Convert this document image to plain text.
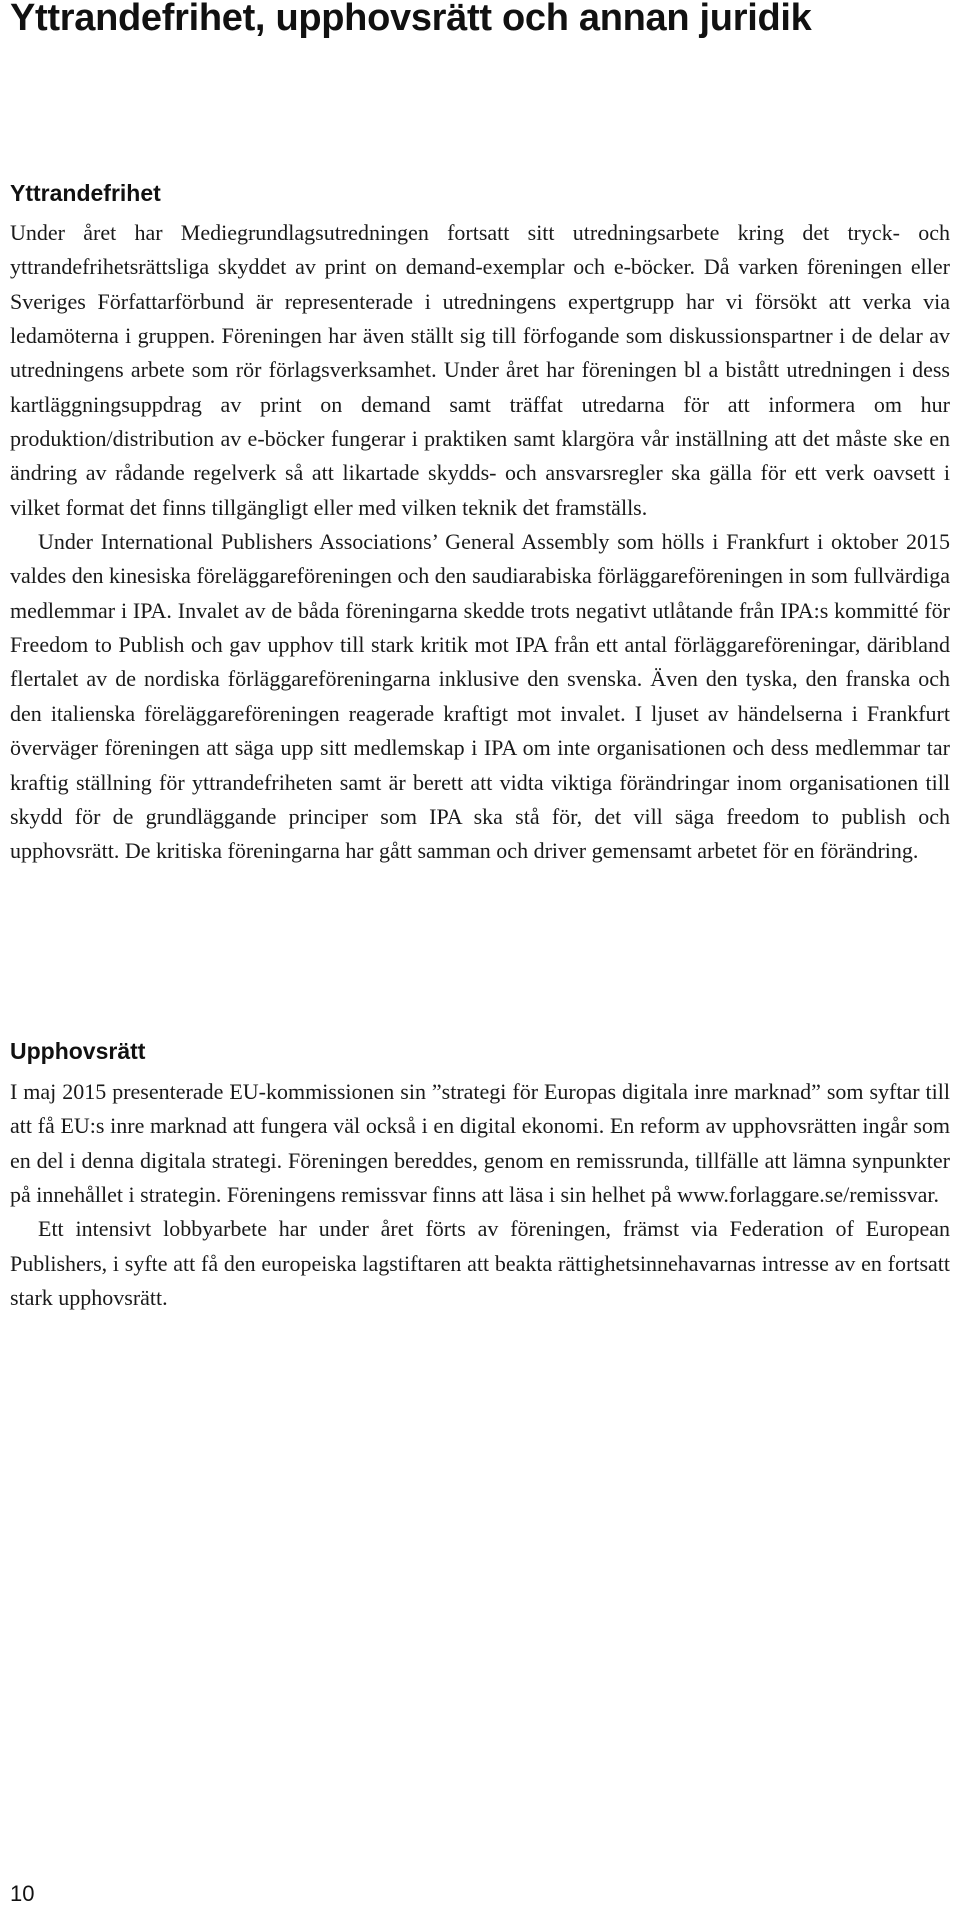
Yttrandefrihet, upphovsrätt och annan juridik
Yttrandefrihet

Under året har Mediegrundlagsutredningen fortsatt sitt utredningsarbete kring det tryck- och yttrandefrihetsrättsliga skyddet av print on demand-exemplar och e-böcker. Då varken föreningen eller Sveriges Författarförbund är representerade i utredningens expertgrupp har vi försökt att verka via ledamöterna i gruppen. Föreningen har även ställt sig till förfogande som diskussionspartner i de delar av utredningens arbete som rör förlagsverksamhet. Under året har föreningen bl a bistått utredningen i dess kartläggningsuppdrag av print on demand samt träffat utredarna för att informera om hur produktion/distribution av e-böcker fungerar i praktiken samt klargöra vår inställning att det måste ske en ändring av rådande regelverk så att likartade skydds- och ansvarsregler ska gälla för ett verk oavsett i vilket format det finns tillgängligt eller med vilken teknik det framställs.

Under International Publishers Associations’ General Assembly som hölls i Frankfurt i oktober 2015 valdes den kinesiska föreläggareföreningen och den saudiarabiska förläggareföreningen in som fullvärdiga medlemmar i IPA. Invalet av de båda föreningarna skedde trots negativt utlåtande från IPA:s kommitté för Freedom to Publish och gav upphov till stark kritik mot IPA från ett antal förläggareföreningar, däribland flertalet av de nordiska förläggareföreningarna inklusive den svenska. Även den tyska, den franska och den italienska föreläggareföreningen reagerade kraftigt mot invalet. I ljuset av händelserna i Frankfurt överväger föreningen att säga upp sitt medlemskap i IPA om inte organisationen och dess medlemmar tar kraftig ställning för yttrandefriheten samt är berett att vidta viktiga förändringar inom organisationen till skydd för de grundläggande principer som IPA ska stå för, det vill säga freedom to publish och upphovsrätt. De kritiska föreningarna har gått samman och driver gemensamt arbetet för en förändring.

Upphovsrätt

I maj 2015 presenterade EU-kommissionen sin ”strategi för Europas digitala inre marknad” som syftar till att få EU:s inre marknad att fungera väl också i en digital ekonomi. En reform av upphovsrätten ingår som en del i denna digitala strategi. Föreningen bereddes, genom en remissrunda, tillfälle att lämna synpunkter på innehållet i strategin. Föreningens remissvar finns att läsa i sin helhet på www.​forlaggare.se/remissvar.

Ett intensivt lobbyarbete har under året förts av föreningen, främst via Federation of European Publishers, i syfte att få den europeiska lagstiftaren att beakta rättighetsinnehavarnas intresse av en fortsatt stark upphovsrätt.

10
